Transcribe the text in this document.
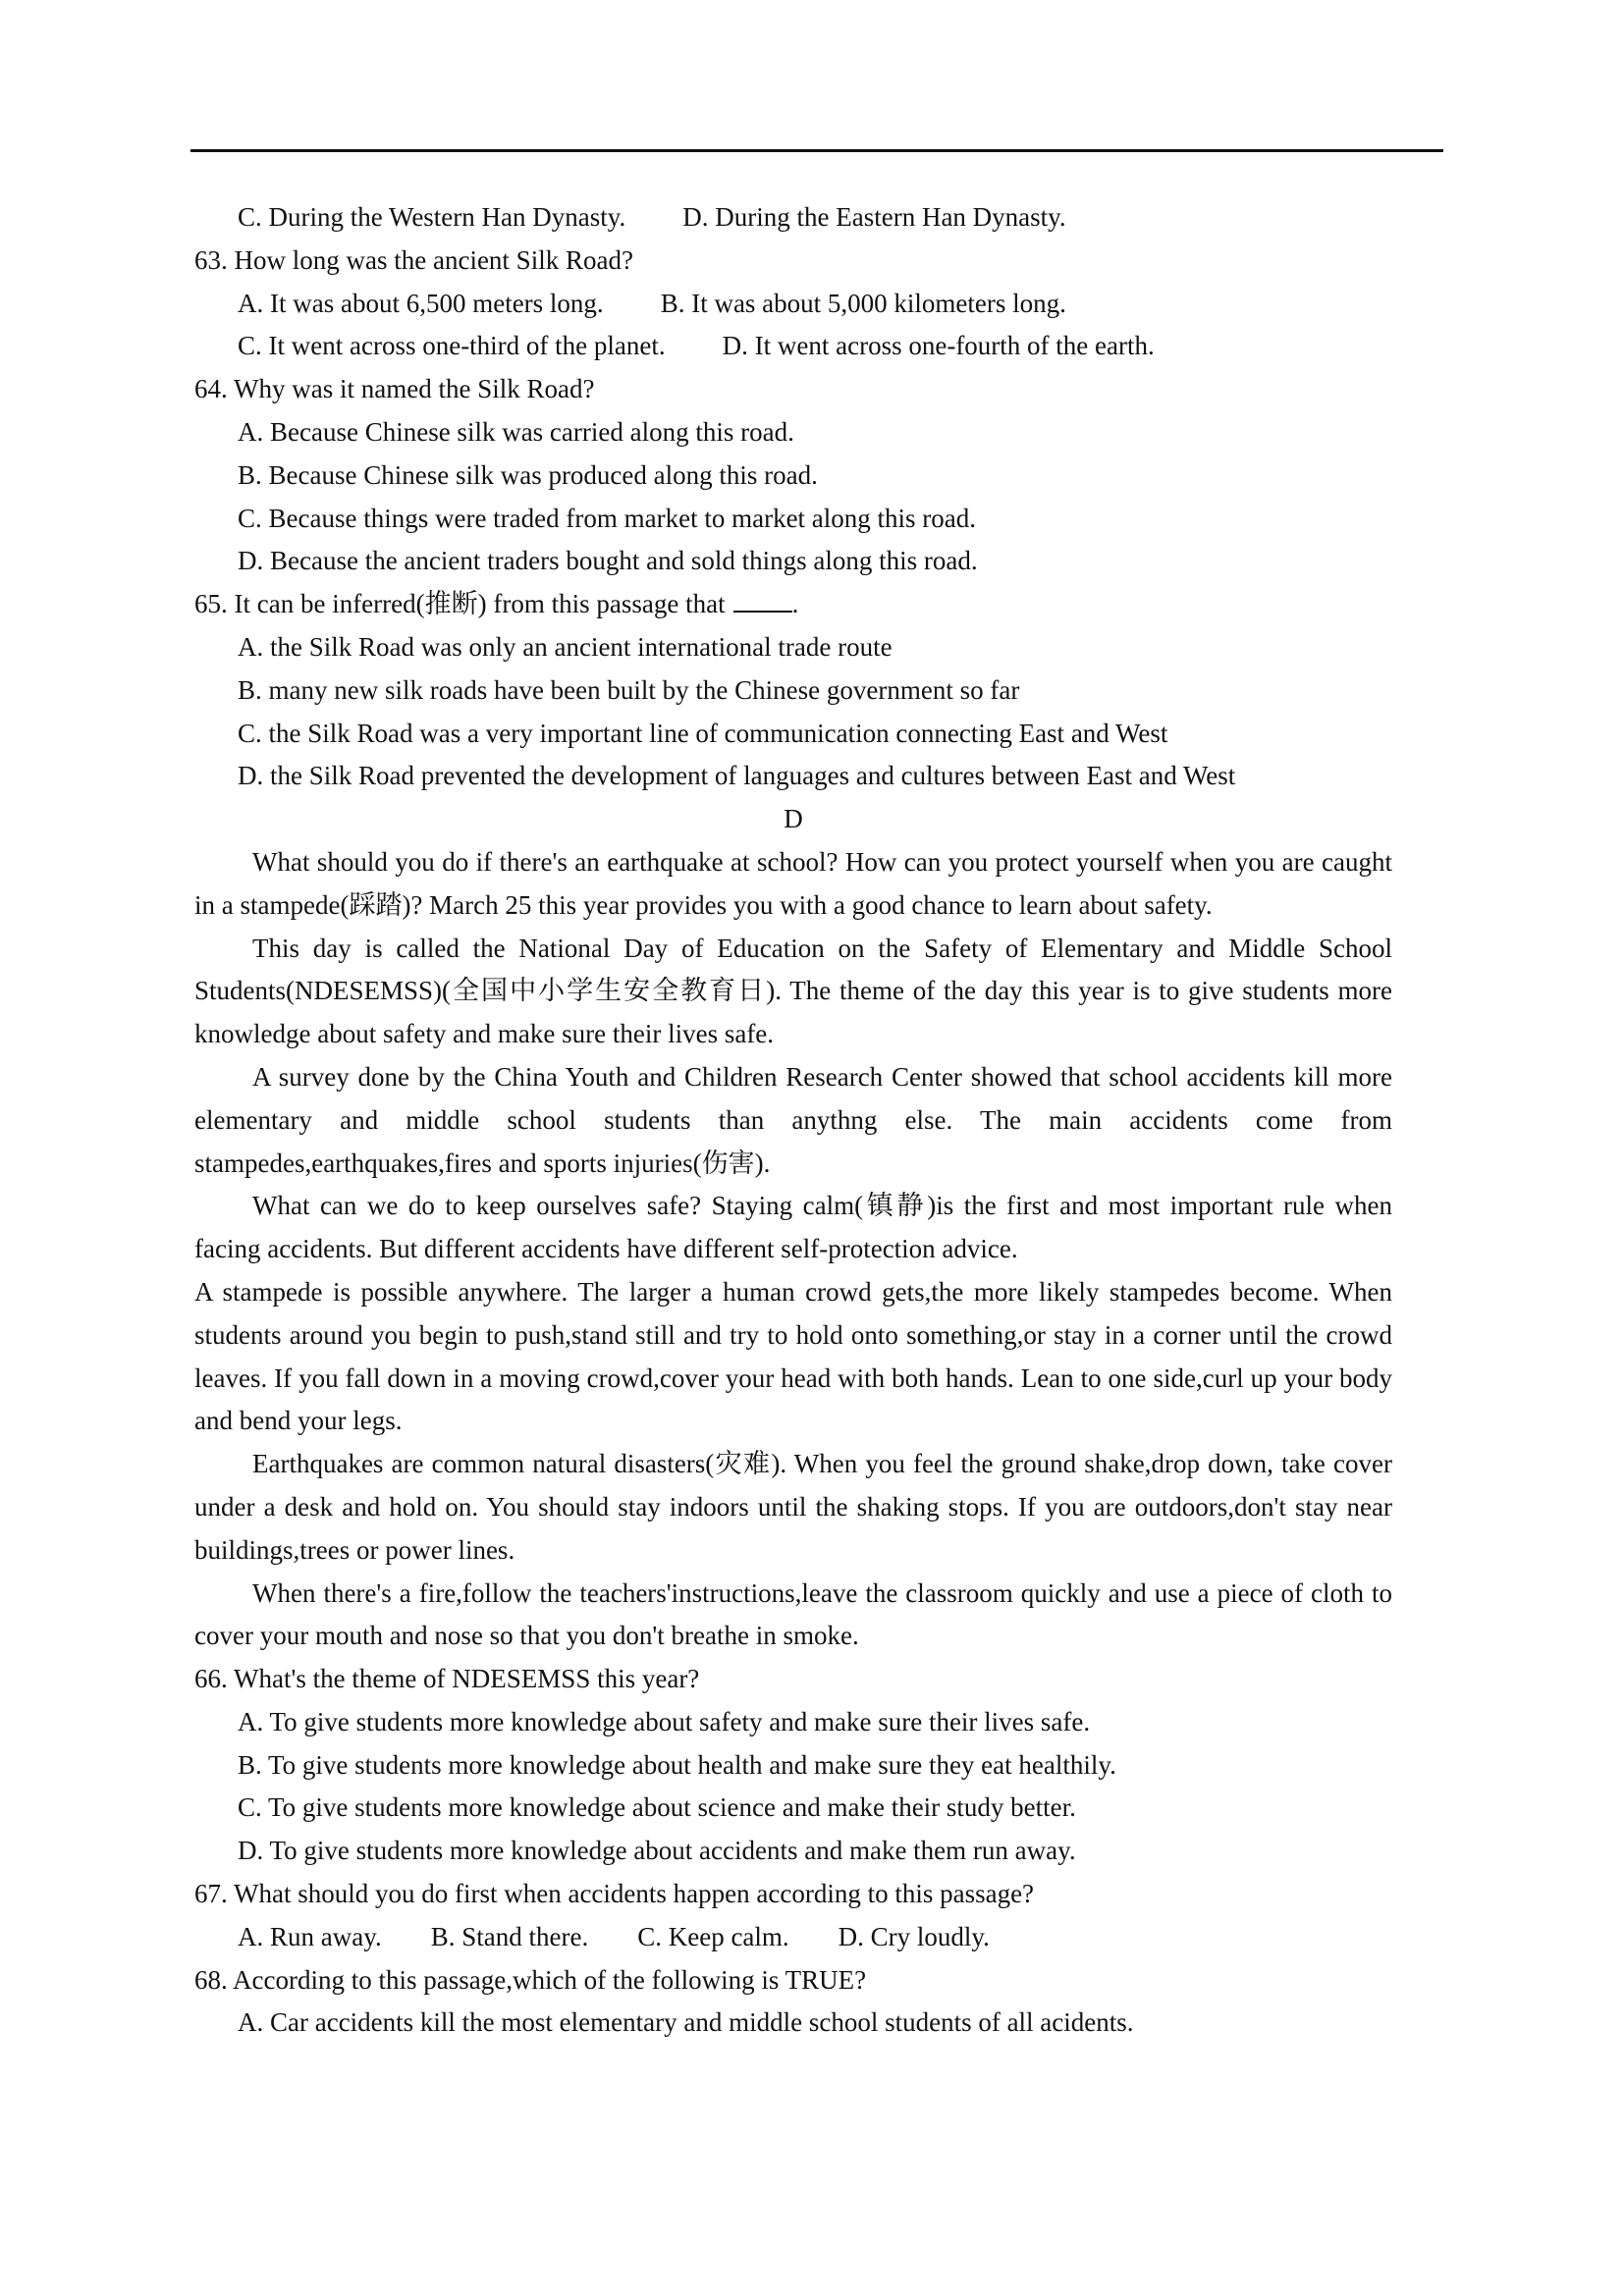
C. During the Western Han Dynasty. D. During the Eastern Han Dynasty.
63. How long was the ancient Silk Road?
A. It was about 6,500 meters long. B. It was about 5,000 kilometers long.
C. It went across one-third of the planet. D. It went across one-fourth of the earth.
64. Why was it named the Silk Road?
A. Because Chinese silk was carried along this road.
B. Because Chinese silk was produced along this road.
C. Because things were traded from market to market along this road.
D. Because the ancient traders bought and sold things along this road.
65. It can be inferred(推断) from this passage that	.
A. the Silk Road was only an ancient international trade route
B. many new silk roads have been built by the Chinese government so far
C. the Silk Road was a very important line of communication connecting East and West
D. the Silk Road prevented the development of languages and cultures between East and West
D
What should you do if there's an earthquake at school? How can you protect yourself when you are caught in a stampede(踩踏)? March 25 this year provides you with a good chance to learn about safety.
This day is called the National Day of Education on the Safety of Elementary and Middle School Students(NDESEMSS)(全国中小学生安全教育日). The theme of the day this year is to give students more knowledge about safety and make sure their lives safe.
A survey done by the China Youth and Children Research Center showed that school accidents kill more elementary and middle school students than anythng else. The main accidents come from stampedes,earthquakes,fires and sports injuries(伤害).
What can we do to keep ourselves safe? Staying calm(镇静)is the first and most important rule when facing accidents. But different accidents have different self-protection advice.
A stampede is possible anywhere. The larger a human crowd gets,the more likely stampedes become. When students around you begin to push,stand still and try to hold onto something,or stay in a corner until the crowd leaves. If you fall down in a moving crowd,cover your head with both hands. Lean to one side,curl up your body and bend your legs.
Earthquakes are common natural disasters(灾难). When you feel the ground shake,drop down, take cover under a desk and hold on. You should stay indoors until the shaking stops. If you are outdoors,don't stay near buildings,trees or power lines.
When there's a fire,follow the teachers'instructions,leave the classroom quickly and use a piece of cloth to cover your mouth and nose so that you don't breathe in smoke.
66. What's the theme of NDESEMSS this year?
A. To give students more knowledge about safety and make sure their lives safe.
B. To give students more knowledge about health and make sure they eat healthily.
C. To give students more knowledge about science and make their study better.
D. To give students more knowledge about accidents and make them run away.
67. What should you do first when accidents happen according to this passage?
A. Run away. B. Stand there. C. Keep calm. D. Cry loudly.
68. According to this passage,which of the following is TRUE?
A. Car accidents kill the most elementary and middle school students of all acidents.
